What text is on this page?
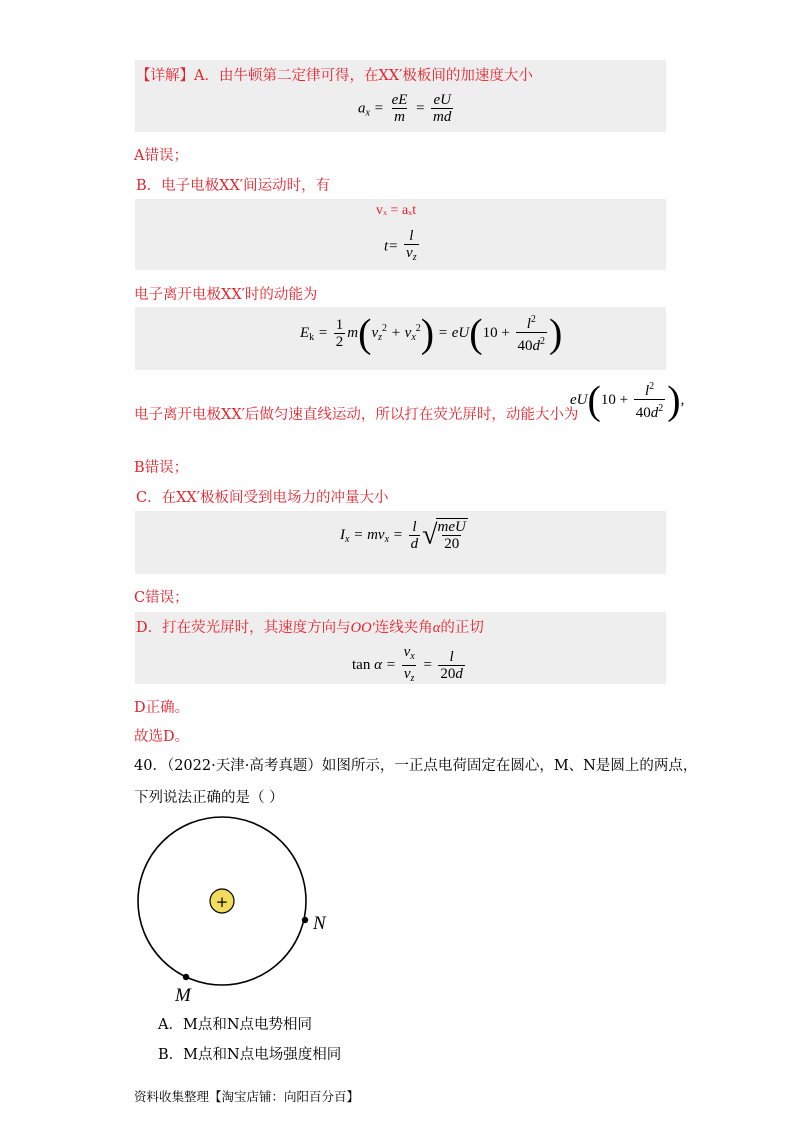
【详解】A．由牛顿第二定律可得，在XX′极板间的加速度大小
$a_x = \frac{eE}{m} = \frac{eU}{md}$
A错误；
B．电子电极XX′间运动时，有
vₓ = aₓt
$t= \frac{l}{v_z}$
电子离开电极XX′时的动能为
$E_k = \frac{1}{2} m(v_z^2 + v_x^2) = eU(10 + \frac{l^2}{40d^2}$ )
电子离开电极XX′后做匀速直线运动，所以打在荧光屏时，动能大小为
$eU(10 + \frac{l^2}{40d^2}$ ),
B错误；
C．在XX′极板间受到电场力的冲量大小
$I_x = mv_x = \frac{l}{d}$ √
$\frac{\text{meU}}{20}$
C错误；
D．打在荧光屏时，其速度方向与OO′连线夹角α的正切
$\tan \alpha = \frac{v_x}{v_z} = \frac{l}{20d}$
D正确。
故选D。
40．（2022·天津·高考真题）如图所示，一正点电荷固定在圆心，M、N是圆上的两点，
下列说法正确的是（ ）
+
N
M
A．M点和N点电势相同
B．M点和N点电场强度相同
资料收集整理【淘宝店铺：向阳百分百】
